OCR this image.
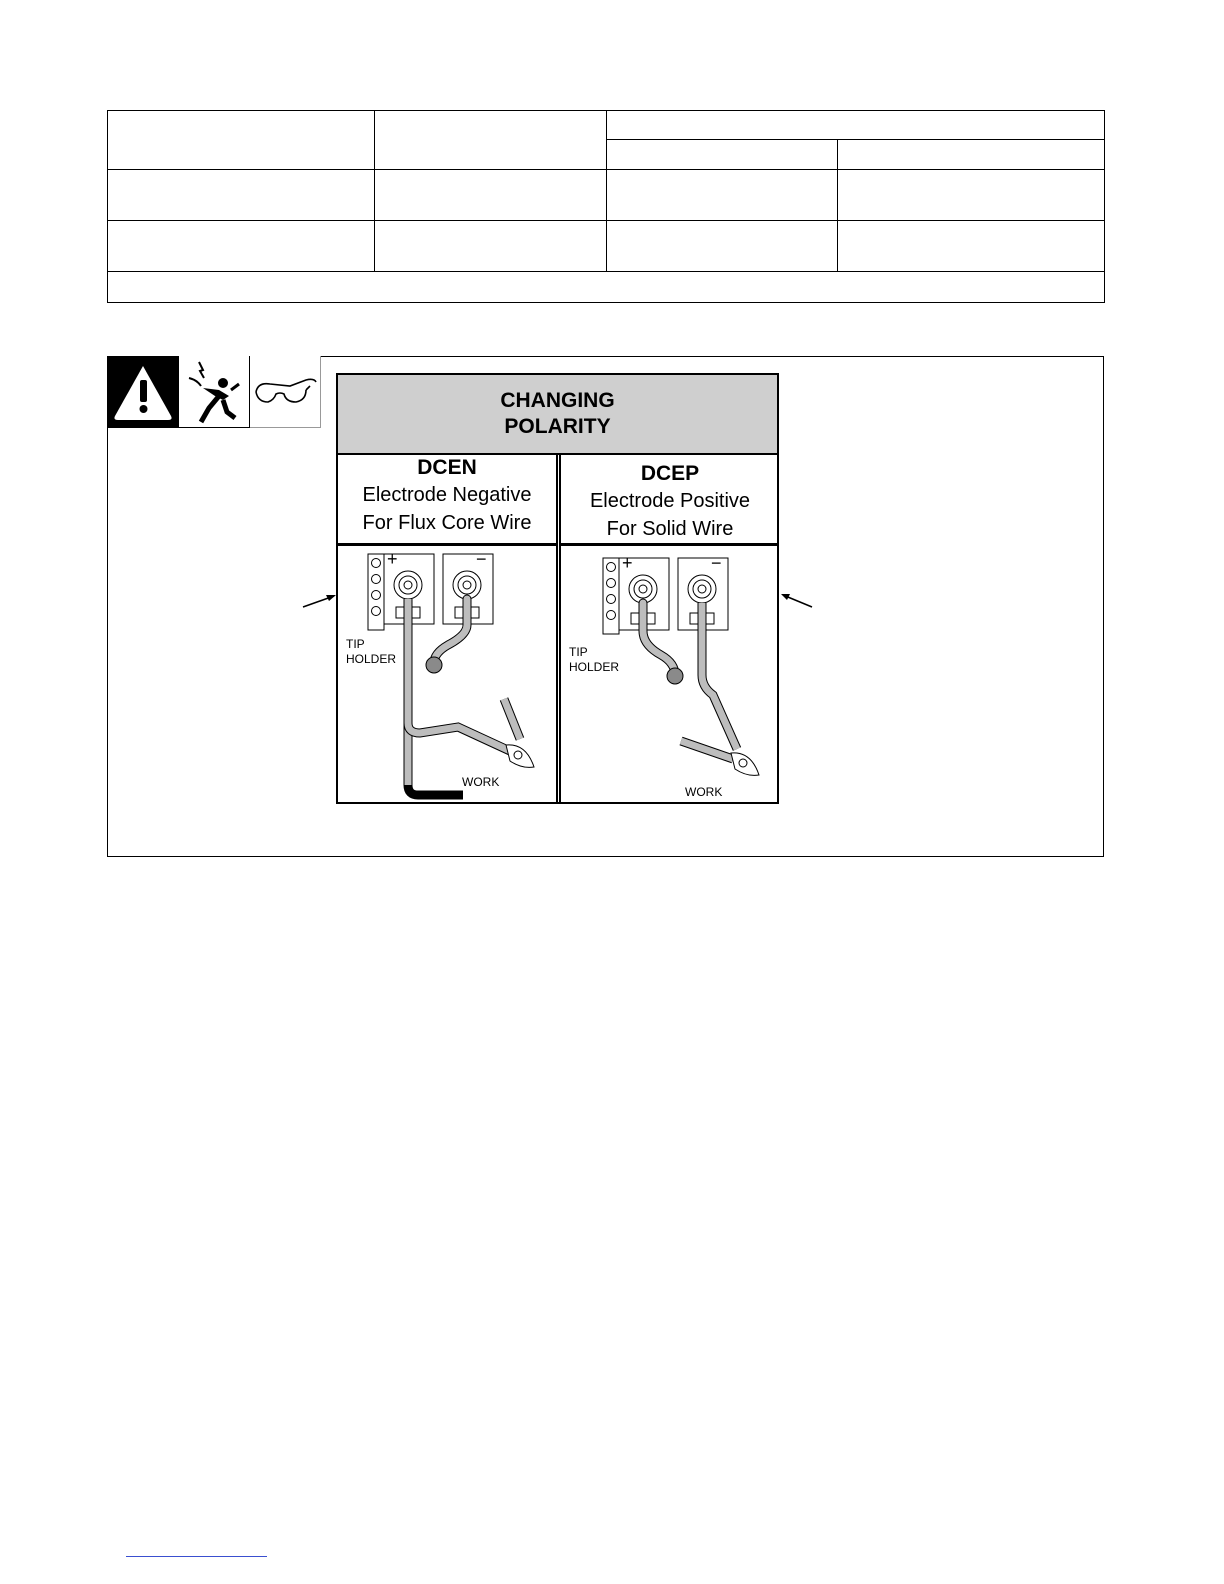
CHANGING
POLARITY
DCEN
Electrode Negative
For Flux Core Wire
+	−
TIP
HOLDER
WORK
DCEP
Electrode Positive
For Solid Wire
+	−
TIP
HOLDER
WORK
